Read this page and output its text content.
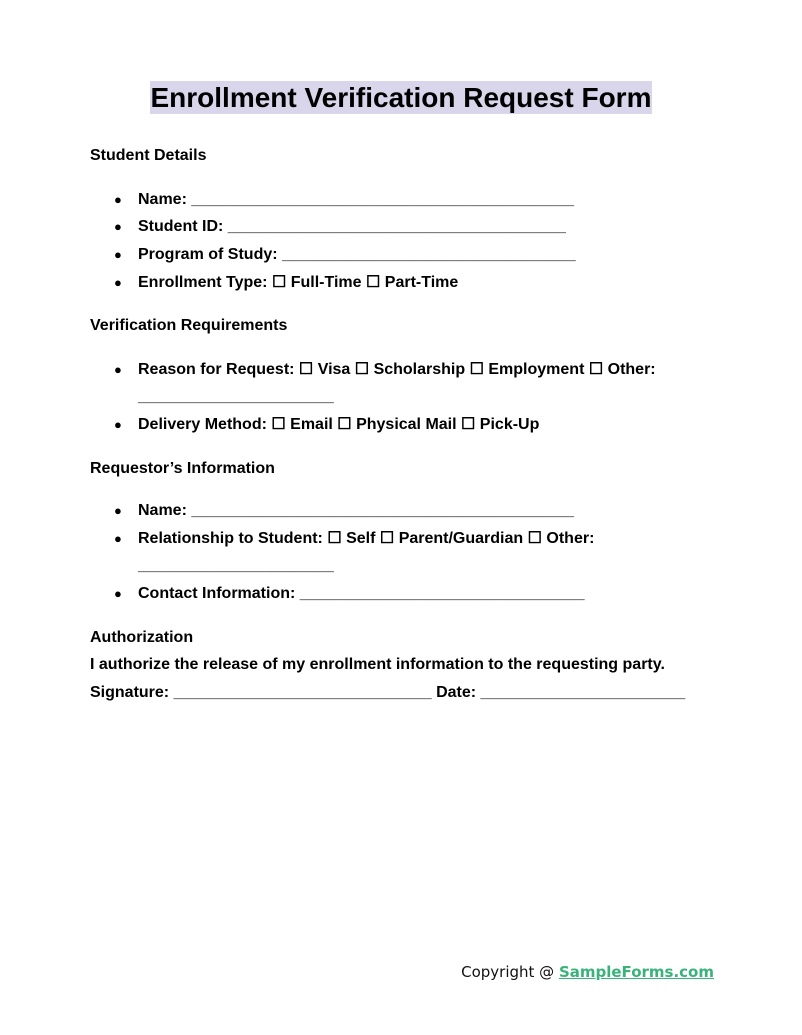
Enrollment Verification Request Form
Student Details
● Name: ___________________________________________
● Student ID: ______________________________________
● Program of Study: _________________________________
● Enrollment Type: ☐ Full-Time ☐ Part-Time
Verification Requirements
● Reason for Request: ☐ Visa ☐ Scholarship ☐ Employment ☐ Other:
______________________
● Delivery Method: ☐ Email ☐ Physical Mail ☐ Pick-Up
Requestor’s Information
● Name: ___________________________________________
● Relationship to Student: ☐ Self ☐ Parent/Guardian ☐ Other:
______________________
● Contact Information: ________________________________
Authorization
I authorize the release of my enrollment information to the requesting party.
Signature: _____________________________ Date: _______________________
Copyright @ SampleForms.com
